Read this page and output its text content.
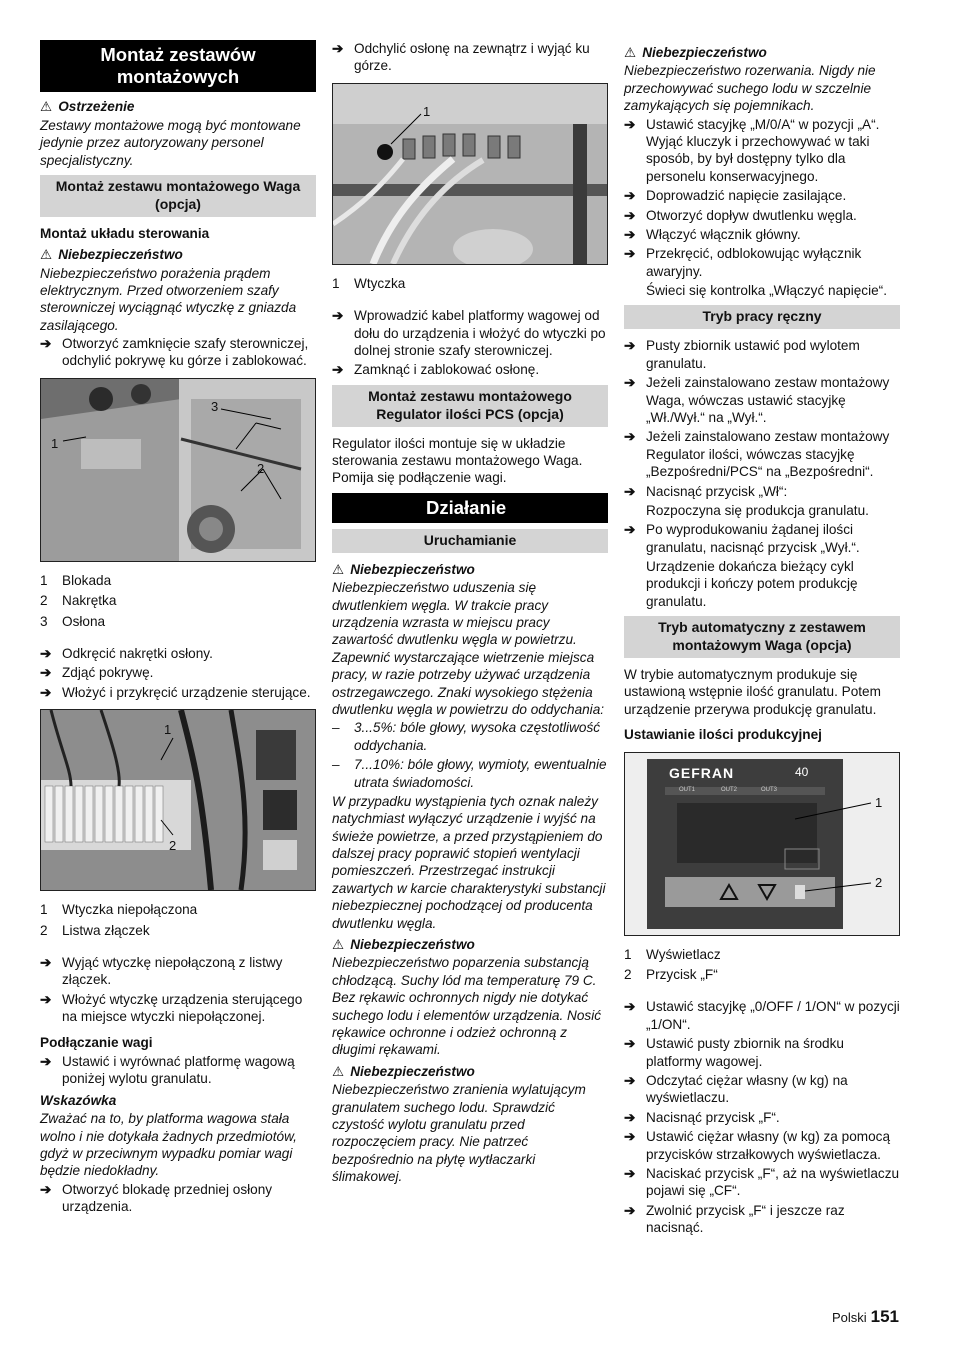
Montaż zestawów montażowych
⚠ Ostrzeżenie

Zestawy montażowe mogą być montowane jedynie przez autoryzowany personel specjalistyczny.

Montaż zestawu montażowego Waga (opcja)
Montaż układu sterowania
⚠ Niebezpieczeństwo

Niebezpieczeństwo porażenia prądem elektrycznym. Przed otworzeniem szafy sterowniczej wyciągnąć wtyczkę z gniazda zasilającego.

➔ Otworzyć zamknięcie szafy sterowniczej, odchylić pokrywę ku górze i zablokować.
1
2
3
1 Blokada
2 Nakrętka
3 Osłona
➔ Odkręcić nakrętki osłony.
➔ Zdjąć pokrywę.
➔ Włożyć i przykręcić urządzenie sterujące.
1
2
1 Wtyczka niepołączona
2 Listwa złączek
➔ Wyjąć wtyczkę niepołączoną z listwy złączek.
➔ Włożyć wtyczkę urządzenia sterującego na miejsce wtyczki niepołączonej.
Podłączanie wagi
➔ Ustawić i wyrównać platformę wagową poniżej wylotu granulatu.
Wskazówka

Zważać na to, by platforma wagowa stała wolno i nie dotykała żadnych przedmiotów, gdyż w przeciwnym wypadku pomiar wagi będzie niedokładny.

➔ Otworzyć blokadę przedniej osłony urządzenia.
➔ Odchylić osłonę na zewnątrz i wyjąć ku górze.
1
1 Wtyczka
➔ Wprowadzić kabel platformy wagowej od dołu do urządzenia i włożyć do wtyczki po dolnej stronie szafy sterowniczej.
➔ Zamknąć i zablokować osłonę.
Montaż zestawu montażowego Regulator ilości PCS (opcja)

Regulator ilości montuje się w układzie sterowania zestawu montażowego Waga. Pomija się podłączenie wagi.

Działanie
Uruchamianie
⚠ Niebezpieczeństwo

Niebezpieczeństwo uduszenia się dwutlenkiem węgla. W trakcie pracy urządzenia wzrasta w miejscu pracy zawartość dwutlenku węgla w powietrzu. Zapewnić wystarczające wietrzenie miejsca pracy, w razie potrzeby używać urządzenia ostrzegawczego. Znaki wysokiego stężenia dwutlenku węgla w powietrzu do oddychania:

– 3...5%: bóle głowy, wysoka częstotliwość oddychania.
– 7...10%: bóle głowy, wymioty, ewentualnie utrata świadomości.

W przypadku wystąpienia tych oznak należy natychmiast wyłączyć urządzenie i wyjść na świeże powietrze, a przed przystąpieniem do dalszej pracy poprawić stopień wentylacji pomieszczeń. Przestrzegać instrukcji zawartych w karcie charakterystyki substancji niebezpiecznej pochodzącej od producenta dwutlenku węgla.

⚠ Niebezpieczeństwo

Niebezpieczeństwo poparzenia substancją chłodzącą. Suchy lód ma temperaturę 79 C. Bez rękawic ochronnych nigdy nie dotykać suchego lodu i elementów urządzenia. Nosić rękawice ochronne i odzież ochronną z długimi rękawami.

⚠ Niebezpieczeństwo

Niebezpieczeństwo zranienia wylatującym granulatem suchego lodu. Sprawdzić czystość wylotu granulatu przed rozpoczęciem pracy. Nie patrzeć bezpośrednio na płytę wytłaczarki ślimakowej.

⚠ Niebezpieczeństwo

Niebezpieczeństwo rozerwania. Nigdy nie przechowywać suchego lodu w szczelnie zamykających się pojemnikach.

➔ Ustawić stacyjkę „M/0/A“ w pozycji „A“. Wyjąć kluczyk i przechowywać w taki sposób, by był dostępny tylko dla personelu konserwacyjnego.
➔ Doprowadzić napięcie zasilające.
➔ Otworzyć dopływ dwutlenku węgla.
➔ Włączyć włącznik główny.
➔ Przekręcić, odblokowując wyłącznik awaryjny.

Świeci się kontrolka „Włączyć napięcie“.

Tryb pracy ręczny
➔ Pusty zbiornik ustawić pod wylotem granulatu.
➔ Jeżeli zainstalowano zestaw montażowy Waga, wówczas ustawić stacyjkę „Wł./Wył.“ na „Wył.“.
➔ Jeżeli zainstalowano zestaw montażowy Regulator ilości, wówczas stacyjkę „Bezpośredni/PCS“ na „Bezpośredni“.
➔ Nacisnąć przycisk „Wł“:

Rozpoczyna się produkcja granulatu.

➔ Po wyprodukowaniu żądanej ilości granulatu, nacisnąć przycisk „Wył.“.

Urządzenie dokańcza bieżący cykl produkcji i kończy potem produkcję granulatu.

Tryb automatyczny z zestawem montażowym Waga (opcja)

W trybie automatycznym produkuje się ustawioną wstępnie ilość granulatu. Potem urządzenie przerywa produkcję granulatu.

Ustawianie ilości produkcyjnej
GEFRAN	40
OUT1	OUT2	OUT3
1
2
1 Wyświetlacz
2 Przycisk „F“
➔ Ustawić stacyjkę „0/OFF / 1/ON“ w pozycji „1/ON“.
➔ Ustawić pusty zbiornik na środku platformy wagowej.
➔ Odczytać ciężar własny (w kg) na wyświetlaczu.
➔ Nacisnąć przycisk „F“.
➔ Ustawić ciężar własny (w kg) za pomocą przycisków strzałkowych wyświetlacza.
➔ Naciskać przycisk „F“, aż na wyświetlaczu pojawi się „CF“.
➔ Zwolnić przycisk „F“ i jeszcze raz nacisnąć.
Polski 151
